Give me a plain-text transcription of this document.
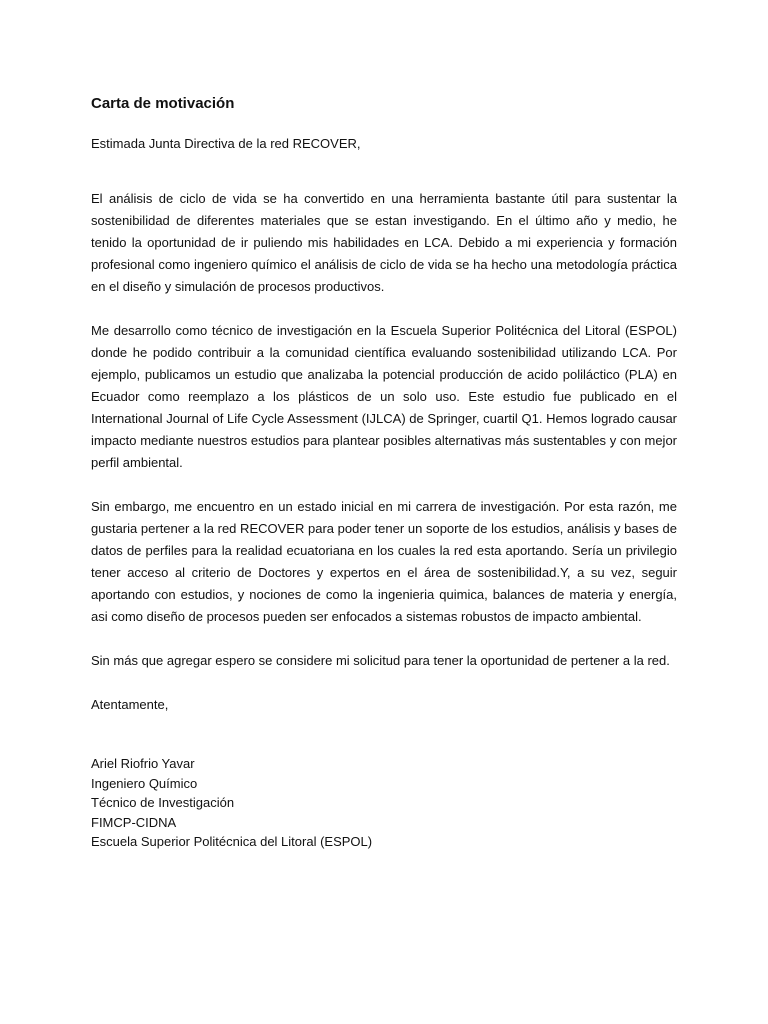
Carta de motivación

Estimada Junta Directiva de la red RECOVER,

El análisis de ciclo de vida se ha convertido en una herramienta bastante útil para sustentar la sostenibilidad de diferentes materiales que se estan investigando. En el último año y medio, he tenido la oportunidad de ir puliendo mis habilidades en LCA. Debido a mi experiencia y formación profesional como ingeniero químico el análisis de ciclo de vida se ha hecho una metodología práctica en el diseño y simulación de procesos productivos.

Me desarrollo como técnico de investigación en la Escuela Superior Politécnica del Litoral (ESPOL) donde he podido contribuir a la comunidad científica evaluando sostenibilidad utilizando LCA. Por ejemplo, publicamos un estudio que analizaba la potencial producción de acido poliláctico (PLA) en Ecuador como reemplazo a los plásticos de un solo uso. Este estudio fue publicado en el International Journal of Life Cycle Assessment (IJLCA) de Springer, cuartil Q1. Hemos logrado causar impacto mediante nuestros estudios para plantear posibles alternativas más sustentables y con mejor perfil ambiental.

Sin embargo, me encuentro en un estado inicial en mi carrera de investigación. Por esta razón, me gustaria pertener a la red RECOVER para poder tener un soporte de los estudios, análisis y bases de datos de perfiles para la realidad ecuatoriana en los cuales la red esta aportando. Sería un privilegio tener acceso al criterio de Doctores y expertos en el área de sostenibilidad.Y, a su vez, seguir aportando con estudios, y nociones de como la ingenieria quimica, balances de materia y energía, asi como diseño de procesos pueden ser enfocados a sistemas robustos de impacto ambiental.

Sin más que agregar espero se considere mi solicitud para tener la oportunidad de pertener a la red.

Atentamente,

Ariel Riofrio Yavar

Ingeniero Químico

Técnico de Investigación

FIMCP-CIDNA

Escuela Superior Politécnica del Litoral (ESPOL)
